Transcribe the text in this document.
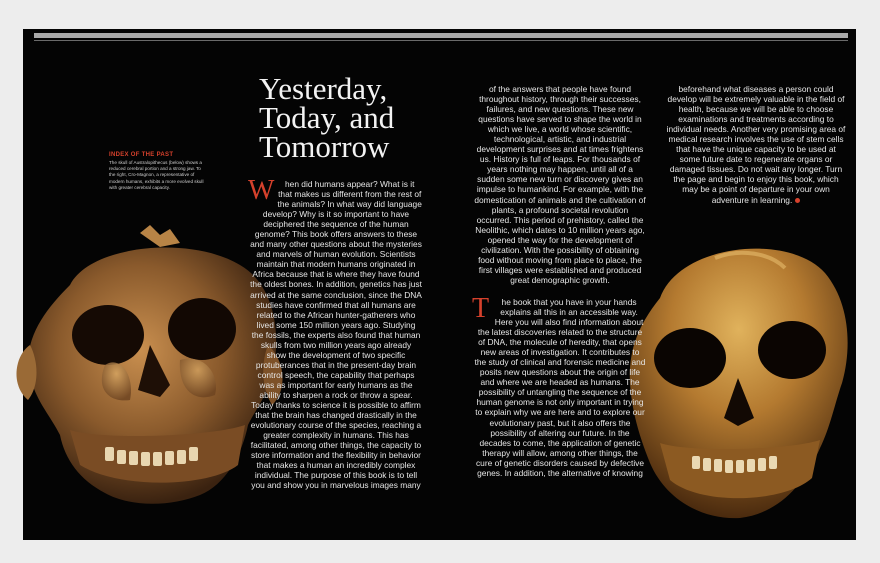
Yesterday,
Today, and
Tomorrow
INDEX OF THE PAST
The skull of Australopithecus (below) shows a reduced cerebral portion and a strong jaw. To the right, Cro-Magnon, a representative of modern humans, exhibits a more evolved skull with greater cerebral capacity.	W hen did humans appear? What is it that makes us different from the rest of the animals? In what way did language develop? Why is it so important to have deciphered the sequence of the human genome? This book offers answers to these and many other questions about the mysteries and marvels of human evolution. Scientists maintain that modern humans originated in Africa because that is where they have found the oldest bones. In addition, genetics has just arrived at the same conclusion, since the DNA studies have confirmed that all humans are related to the African hunter-gatherers who lived some 150 million years ago. Studying the fossils, the experts also found that human skulls from two million years ago already show the development of two specific protuberances that in the present-day brain control speech, the capability that perhaps was as important for early humans as the ability to sharpen a rock or throw a spear. Today thanks to science it is possible to affirm that the brain has changed drastically in the evolutionary course of the species, reaching a greater complexity in humans. This has facilitated, among other things, the capacity to store information and the flexibility in behavior that makes a human an incredibly complex individual. The purpose of this book is to tell you and show you in marvelous images many

of the answers that people have found throughout history, through their successes, failures, and new questions. These new questions have served to shape the world in which we live, a world whose scientific, technological, artistic, and industrial development surprises and at times frightens us. History is full of leaps. For thousands of years nothing may happen, until all of a sudden some new turn or discovery gives an impulse to humankind. For example, with the domestication of animals and the cultivation of plants, a profound societal revolution occurred. This period of prehistory, called the Neolithic, which dates to 10 million years ago, opened the way for the development of civilization. With the possibility of obtaining food without moving from place to place, the first villages were established and produced great demographic growth.

T he book that you have in your hands explains all this in an accessible way. Here you will also find information about the latest discoveries related to the structure of DNA, the molecule of heredity, that opens new areas of investigation. It contributes to the study of clinical and forensic medicine and posits new questions about the origin of life and where we are headed as humans. The possibility of untangling the sequence of the human genome is not only important in trying to explain why we are here and to explore our evolutionary past, but it also offers the possibility of altering our future. In the decades to come, the application of genetic therapy will allow, among other things, the cure of genetic disorders caused by defective genes. In addition, the alternative of knowing

beforehand what diseases a person could develop will be extremely valuable in the field of health, because we will be able to choose examinations and treatments according to individual needs. Another very promising area of medical research involves the use of stem cells that have the unique capacity to be used at some future date to regenerate organs or damaged tissues. Do not wait any longer. Turn the page and begin to enjoy this book, which may be a point of departure in your own adventure in learning.
